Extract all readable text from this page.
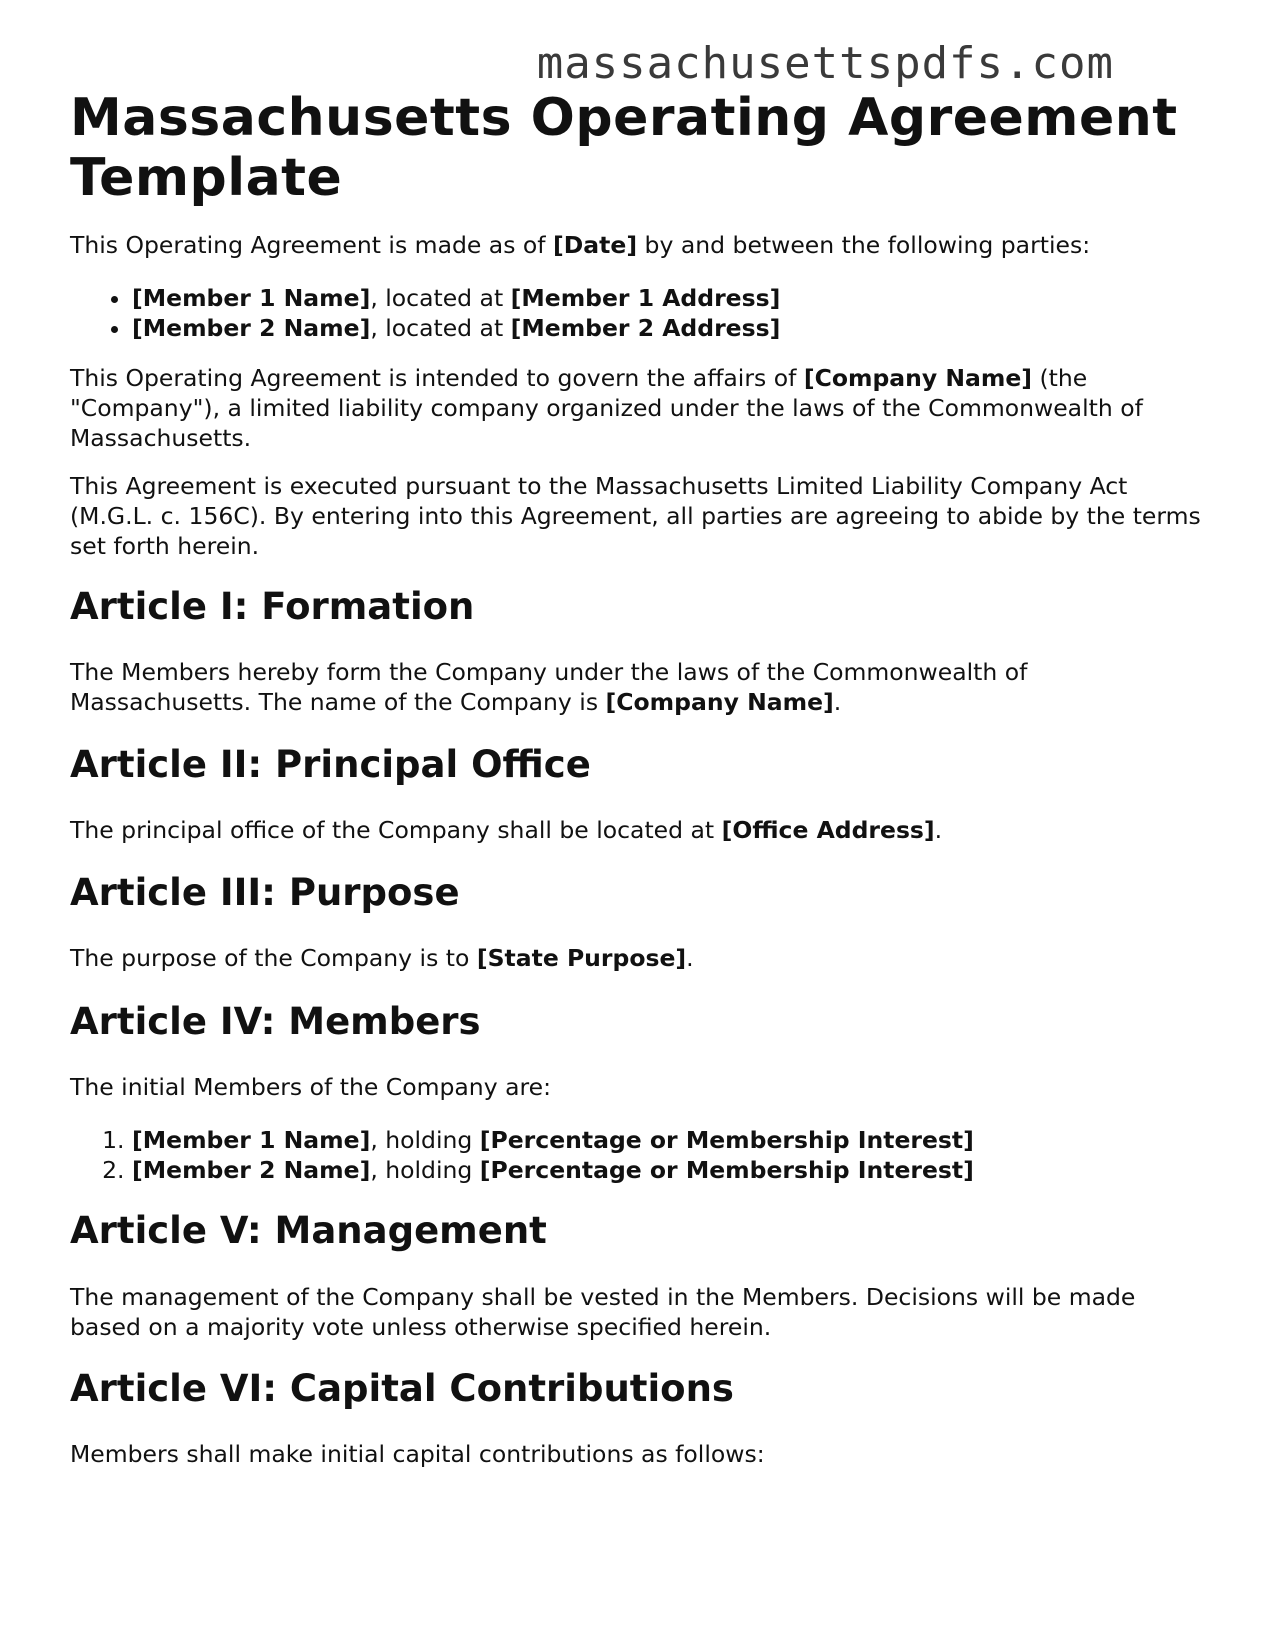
massachusettspdfs.com
Massachusetts Operating Agreement Template

This Operating Agreement is made as of [Date] by and between the following parties:

• [Member 1 Name], located at [Member 1 Address]
• [Member 2 Name], located at [Member 2 Address]

This Operating Agreement is intended to govern the affairs of [Company Name] (the "Company"), a limited liability company organized under the laws of the Commonwealth of Massachusetts.

This Agreement is executed pursuant to the Massachusetts Limited Liability Company Act (M.G.L. c. 156C). By entering into this Agreement, all parties are agreeing to abide by the terms set forth herein.

Article I: Formation

The Members hereby form the Company under the laws of the Commonwealth of Massachusetts. The name of the Company is [Company Name].

Article II: Principal Office

The principal office of the Company shall be located at [Office Address].

Article III: Purpose

The purpose of the Company is to [State Purpose].

Article IV: Members

The initial Members of the Company are:

1. [Member 1 Name], holding [Percentage or Membership Interest]
2. [Member 2 Name], holding [Percentage or Membership Interest]
Article V: Management

The management of the Company shall be vested in the Members. Decisions will be made based on a majority vote unless otherwise specified herein.

Article VI: Capital Contributions

Members shall make initial capital contributions as follows:
